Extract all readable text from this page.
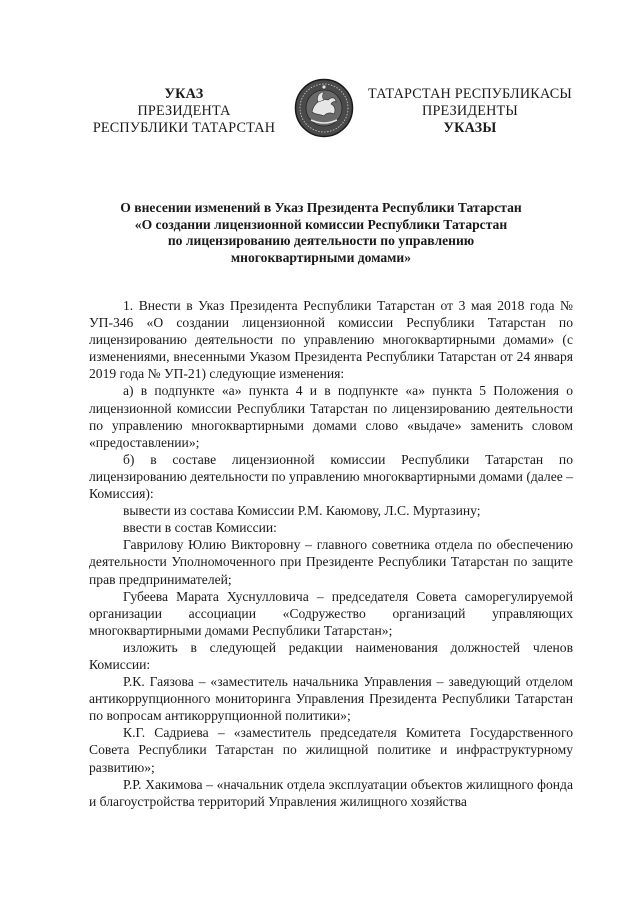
УКАЗ
ПРЕЗИДЕНТА
РЕСПУБЛИКИ ТАТАРСТАН
ТАТАРСТАН РЕСПУБЛИКАСЫ
ПРЕЗИДЕНТЫ
УКАЗЫ
О внесении изменений в Указ Президента Республики Татарстан
«О создании лицензионной комиссии Республики Татарстан
по лицензированию деятельности по управлению
многоквартирными домами»

1. Внести в Указ Президента Республики Татарстан от 3 мая 2018 года № УП-346 «О создании лицензионной комиссии Республики Татарстан по лицензированию деятельности по управлению многоквартирными домами» (с изменениями, внесенными Указом Президента Республики Татарстан от 24 января 2019 года № УП-21) следующие изменения:

а) в подпункте «а» пункта 4 и в подпункте «а» пункта 5 Положения о лицензионной комиссии Республики Татарстан по лицензированию деятельности по управлению многоквартирными домами слово «выдаче» заменить словом «предоставлении»;

б) в составе лицензионной комиссии Республики Татарстан по лицензированию деятельности по управлению многоквартирными домами (далее – Комиссия):

вывести из состава Комиссии Р.М. Каюмову, Л.С. Муртазину;

ввести в состав Комиссии:

Гаврилову Юлию Викторовну – главного советника отдела по обеспечению деятельности Уполномоченного при Президенте Республики Татарстан по защите прав предпринимателей;

Губеева Марата Хуснулловича – председателя Совета саморегулируемой организации ассоциации «Содружество организаций управляющих многоквартирными домами Республики Татарстан»;

изложить в следующей редакции наименования должностей членов Комиссии:

Р.К. Гаязова – «заместитель начальника Управления – заведующий отделом антикоррупционного мониторинга Управления Президента Республики Татарстан по вопросам антикоррупционной политики»;

К.Г. Садриева – «заместитель председателя Комитета Государственного Совета Республики Татарстан по жилищной политике и инфраструктурному развитию»;

Р.Р. Хакимова – «начальник отдела эксплуатации объектов жилищного фонда и благоустройства территорий Управления жилищного хозяйства
